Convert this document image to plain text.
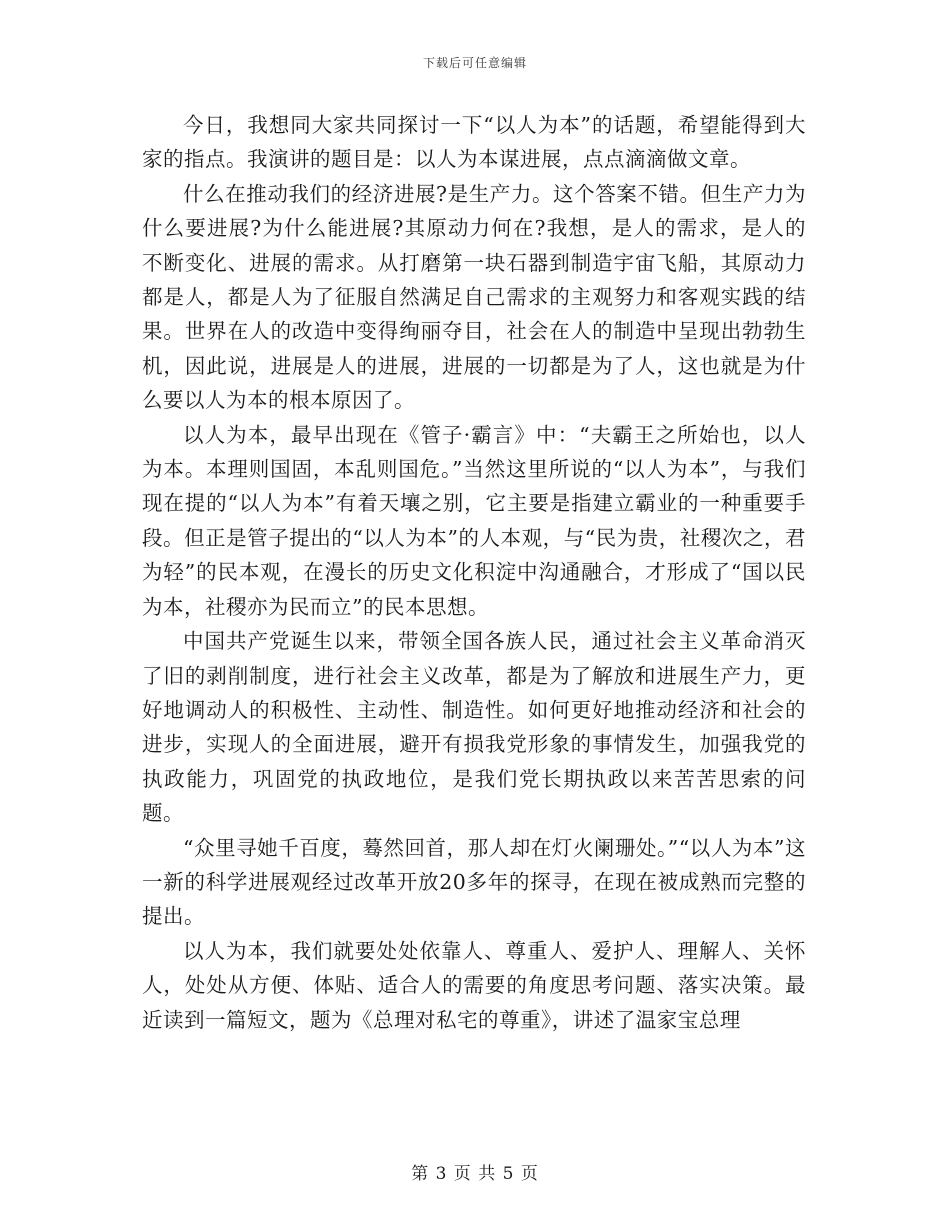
下载后可任意编辑

今日，我想同大家共同探讨一下“以人为本”的话题，希望能得到大家的指点。我演讲的题目是：以人为本谋进展，点点滴滴做文章。

什么在推动我们的经济进展?是生产力。这个答案不错。但生产力为什么要进展?为什么能进展?其原动力何在?我想，是人的需求，是人的不断变化、进展的需求。从打磨第一块石器到制造宇宙飞船，其原动力都是人，都是人为了征服自然满足自己需求的主观努力和客观实践的结果。世界在人的改造中变得绚丽夺目，社会在人的制造中呈现出勃勃生机，因此说，进展是人的进展，进展的一切都是为了人，这也就是为什么要以人为本的根本原因了。

以人为本，最早出现在《管子·霸言》中：“夫霸王之所始也，以人为本。本理则国固，本乱则国危。”当然这里所说的“以人为本”，与我们现在提的“以人为本”有着天壤之别，它主要是指建立霸业的一种重要手段。但正是管子提出的“以人为本”的人本观，与“民为贵，社稷次之，君为轻”的民本观，在漫长的历史文化积淀中沟通融合，才形成了“国以民为本，社稷亦为民而立”的民本思想。

中国共产党诞生以来，带领全国各族人民，通过社会主义革命消灭了旧的剥削制度，进行社会主义改革，都是为了解放和进展生产力，更好地调动人的积极性、主动性、制造性。如何更好地推动经济和社会的进步，实现人的全面进展，避开有损我党形象的事情发生，加强我党的执政能力，巩固党的执政地位，是我们党长期执政以来苦苦思索的问题。

“众里寻她千百度，蓦然回首，那人却在灯火阑珊处。”“以人为本”这一新的科学进展观经过改革开放20多年的探寻，在现在被成熟而完整的提出。

以人为本，我们就要处处依靠人、尊重人、爱护人、理解人、关怀人，处处从方便、体贴、适合人的需要的角度思考问题、落实决策。最近读到一篇短文，题为《总理对私宅的尊重》，讲述了温家宝总理

第 3 页 共 5 页
